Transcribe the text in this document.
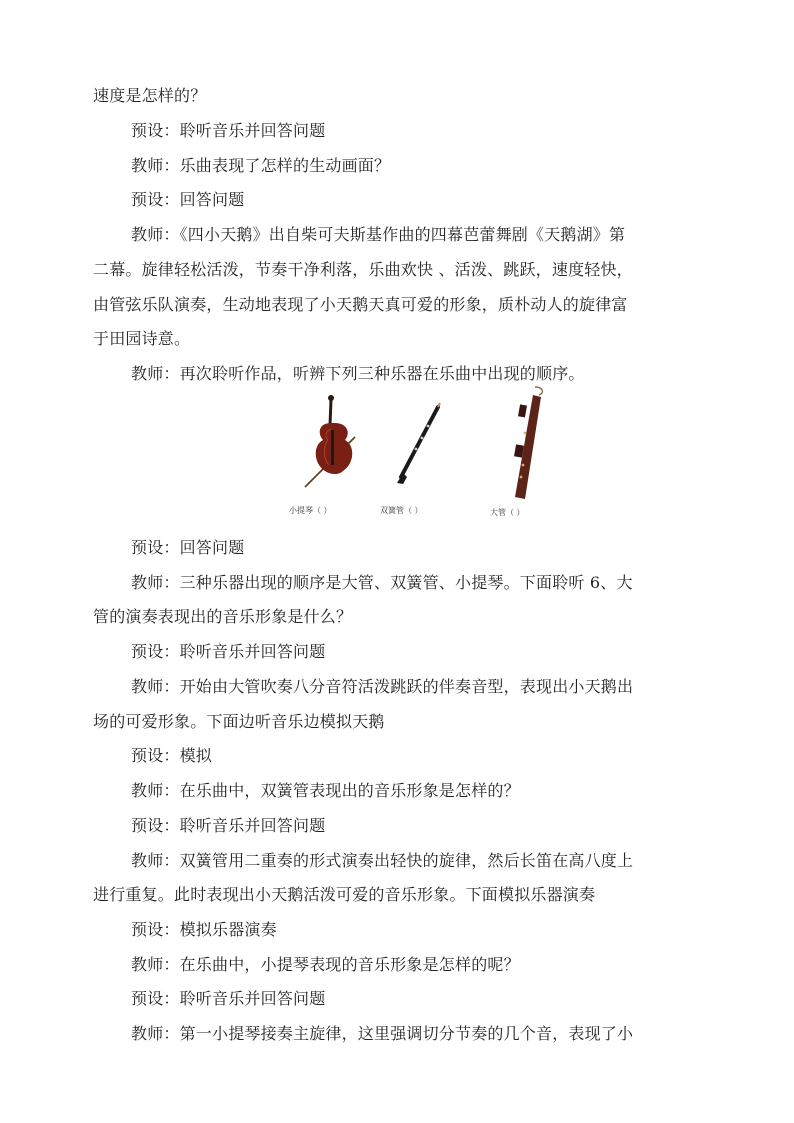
速度是怎样的？
预设：聆听音乐并回答问题
教师：乐曲表现了怎样的生动画面？
预设：回答问题
教师：《四小天鹅》出自柴可夫斯基作曲的四幕芭蕾舞剧《天鹅湖》第
二幕。旋律轻松活泼，节奏干净利落，乐曲欢快 、活泼、跳跃，速度轻快，
由管弦乐队演奏，生动地表现了小天鹅天真可爱的形象，质朴动人的旋律富
于田园诗意。
教师：再次聆听作品，听辨下列三种乐器在乐曲中出现的顺序。
小提琴（ ）	双簧管（ ）	大管（ ）
预设：回答问题
教师：三种乐器出现的顺序是大管、双簧管、小提琴。下面聆听 6、大
管的演奏表现出的音乐形象是什么？
预设：聆听音乐并回答问题
教师：开始由大管吹奏八分音符活泼跳跃的伴奏音型，表现出小天鹅出
场的可爱形象。下面边听音乐边模拟天鹅
预设：模拟
教师：在乐曲中，双簧管表现出的音乐形象是怎样的？
预设：聆听音乐并回答问题
教师：双簧管用二重奏的形式演奏出轻快的旋律，然后长笛在高八度上
进行重复。此时表现出小天鹅活泼可爱的音乐形象。下面模拟乐器演奏
预设：模拟乐器演奏
教师：在乐曲中，小提琴表现的音乐形象是怎样的呢？
预设：聆听音乐并回答问题
教师：第一小提琴接奏主旋律，这里强调切分节奏的几个音，表现了小
